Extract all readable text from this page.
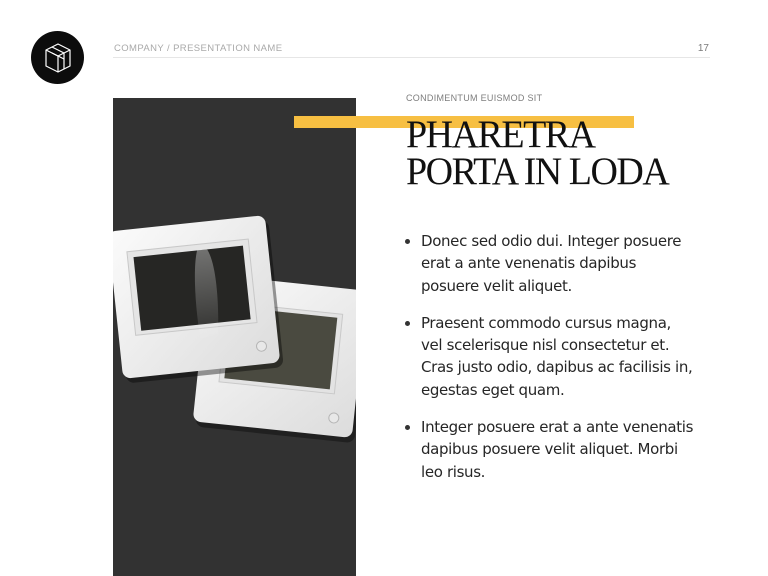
COMPANY / PRESENTATION NAME	17
CONDIMENTUM EUISMOD SIT
PHARETRA
PORTA IN LODA
Donec sed odio dui. Integer posuere erat a ante venenatis dapibus posuere velit aliquet.
Praesent commodo cursus magna, vel scelerisque nisl consectetur et. Cras justo odio, dapibus ac facilisis in, egestas eget quam.
Integer posuere erat a ante venenatis dapibus posuere velit aliquet. Morbi leo risus.
